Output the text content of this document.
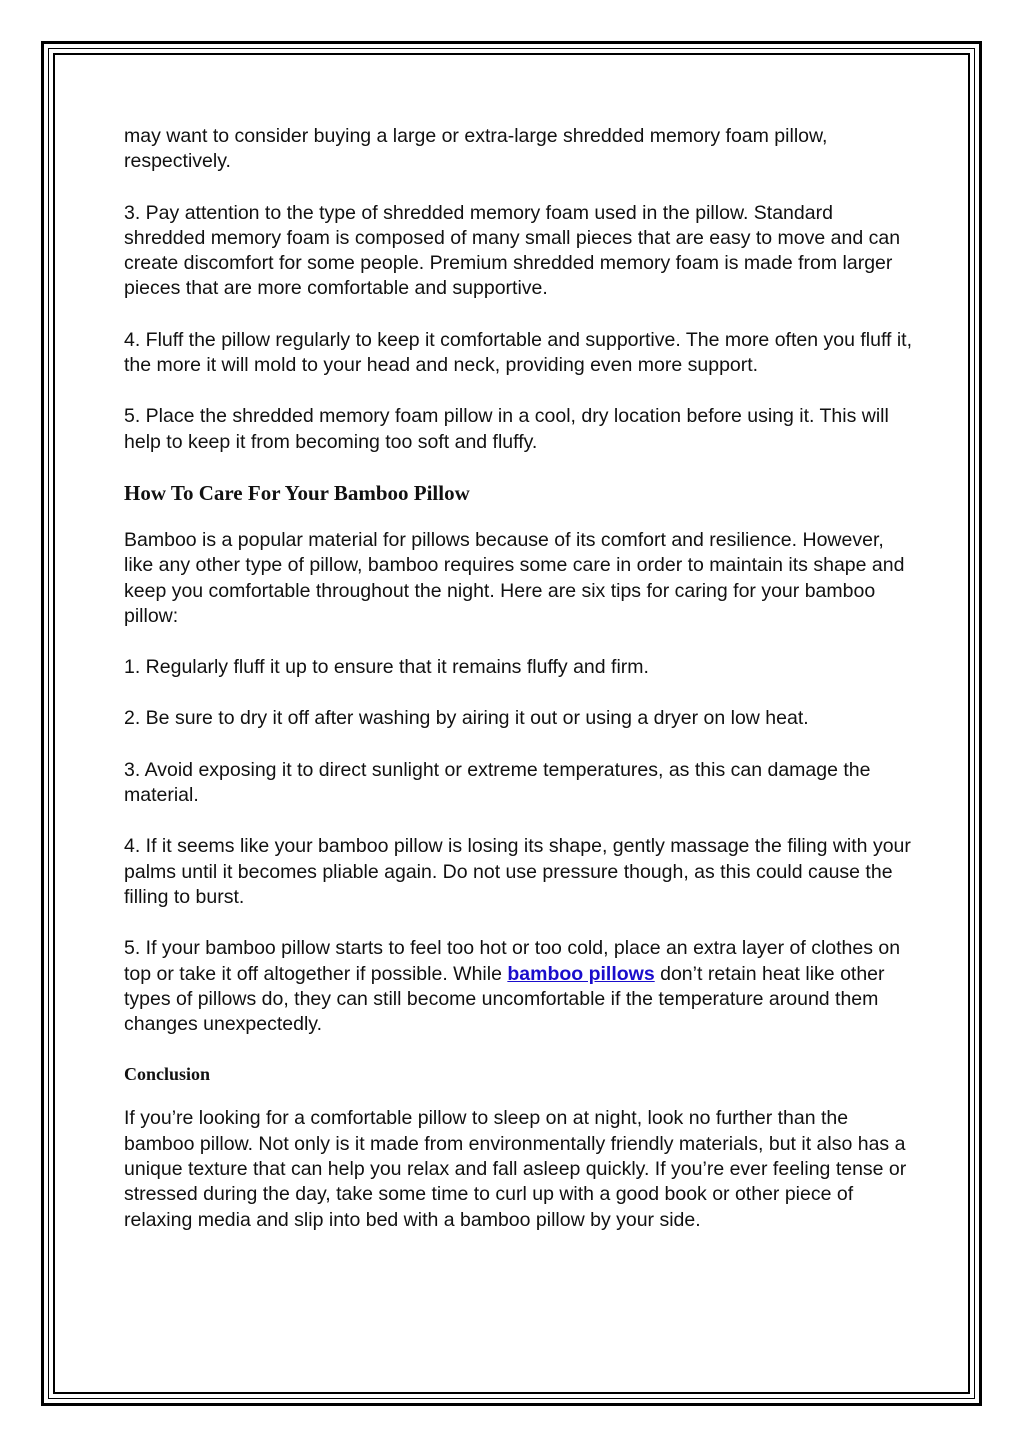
may want to consider buying a large or extra-large shredded memory foam pillow, respectively.

3. Pay attention to the type of shredded memory foam used in the pillow. Standard shredded memory foam is composed of many small pieces that are easy to move and can create discomfort for some people. Premium shredded memory foam is made from larger pieces that are more comfortable and supportive.

4. Fluff the pillow regularly to keep it comfortable and supportive. The more often you fluff it, the more it will mold to your head and neck, providing even more support.

5. Place the shredded memory foam pillow in a cool, dry location before using it. This will help to keep it from becoming too soft and fluffy.

How To Care For Your Bamboo Pillow

Bamboo is a popular material for pillows because of its comfort and resilience. However, like any other type of pillow, bamboo requires some care in order to maintain its shape and keep you comfortable throughout the night. Here are six tips for caring for your bamboo pillow:

1. Regularly fluff it up to ensure that it remains fluffy and firm.

2. Be sure to dry it off after washing by airing it out or using a dryer on low heat.

3. Avoid exposing it to direct sunlight or extreme temperatures, as this can damage the material.

4. If it seems like your bamboo pillow is losing its shape, gently massage the filing with your palms until it becomes pliable again. Do not use pressure though, as this could cause the filling to burst.

5. If your bamboo pillow starts to feel too hot or too cold, place an extra layer of clothes on top or take it off altogether if possible. While bamboo pillows don’t retain heat like other types of pillows do, they can still become uncomfortable if the temperature around them changes unexpectedly.

Conclusion

If you’re looking for a comfortable pillow to sleep on at night, look no further than the bamboo pillow. Not only is it made from environmentally friendly materials, but it also has a unique texture that can help you relax and fall asleep quickly. If you’re ever feeling tense or stressed during the day, take some time to curl up with a good book or other piece of relaxing media and slip into bed with a bamboo pillow by your side.
